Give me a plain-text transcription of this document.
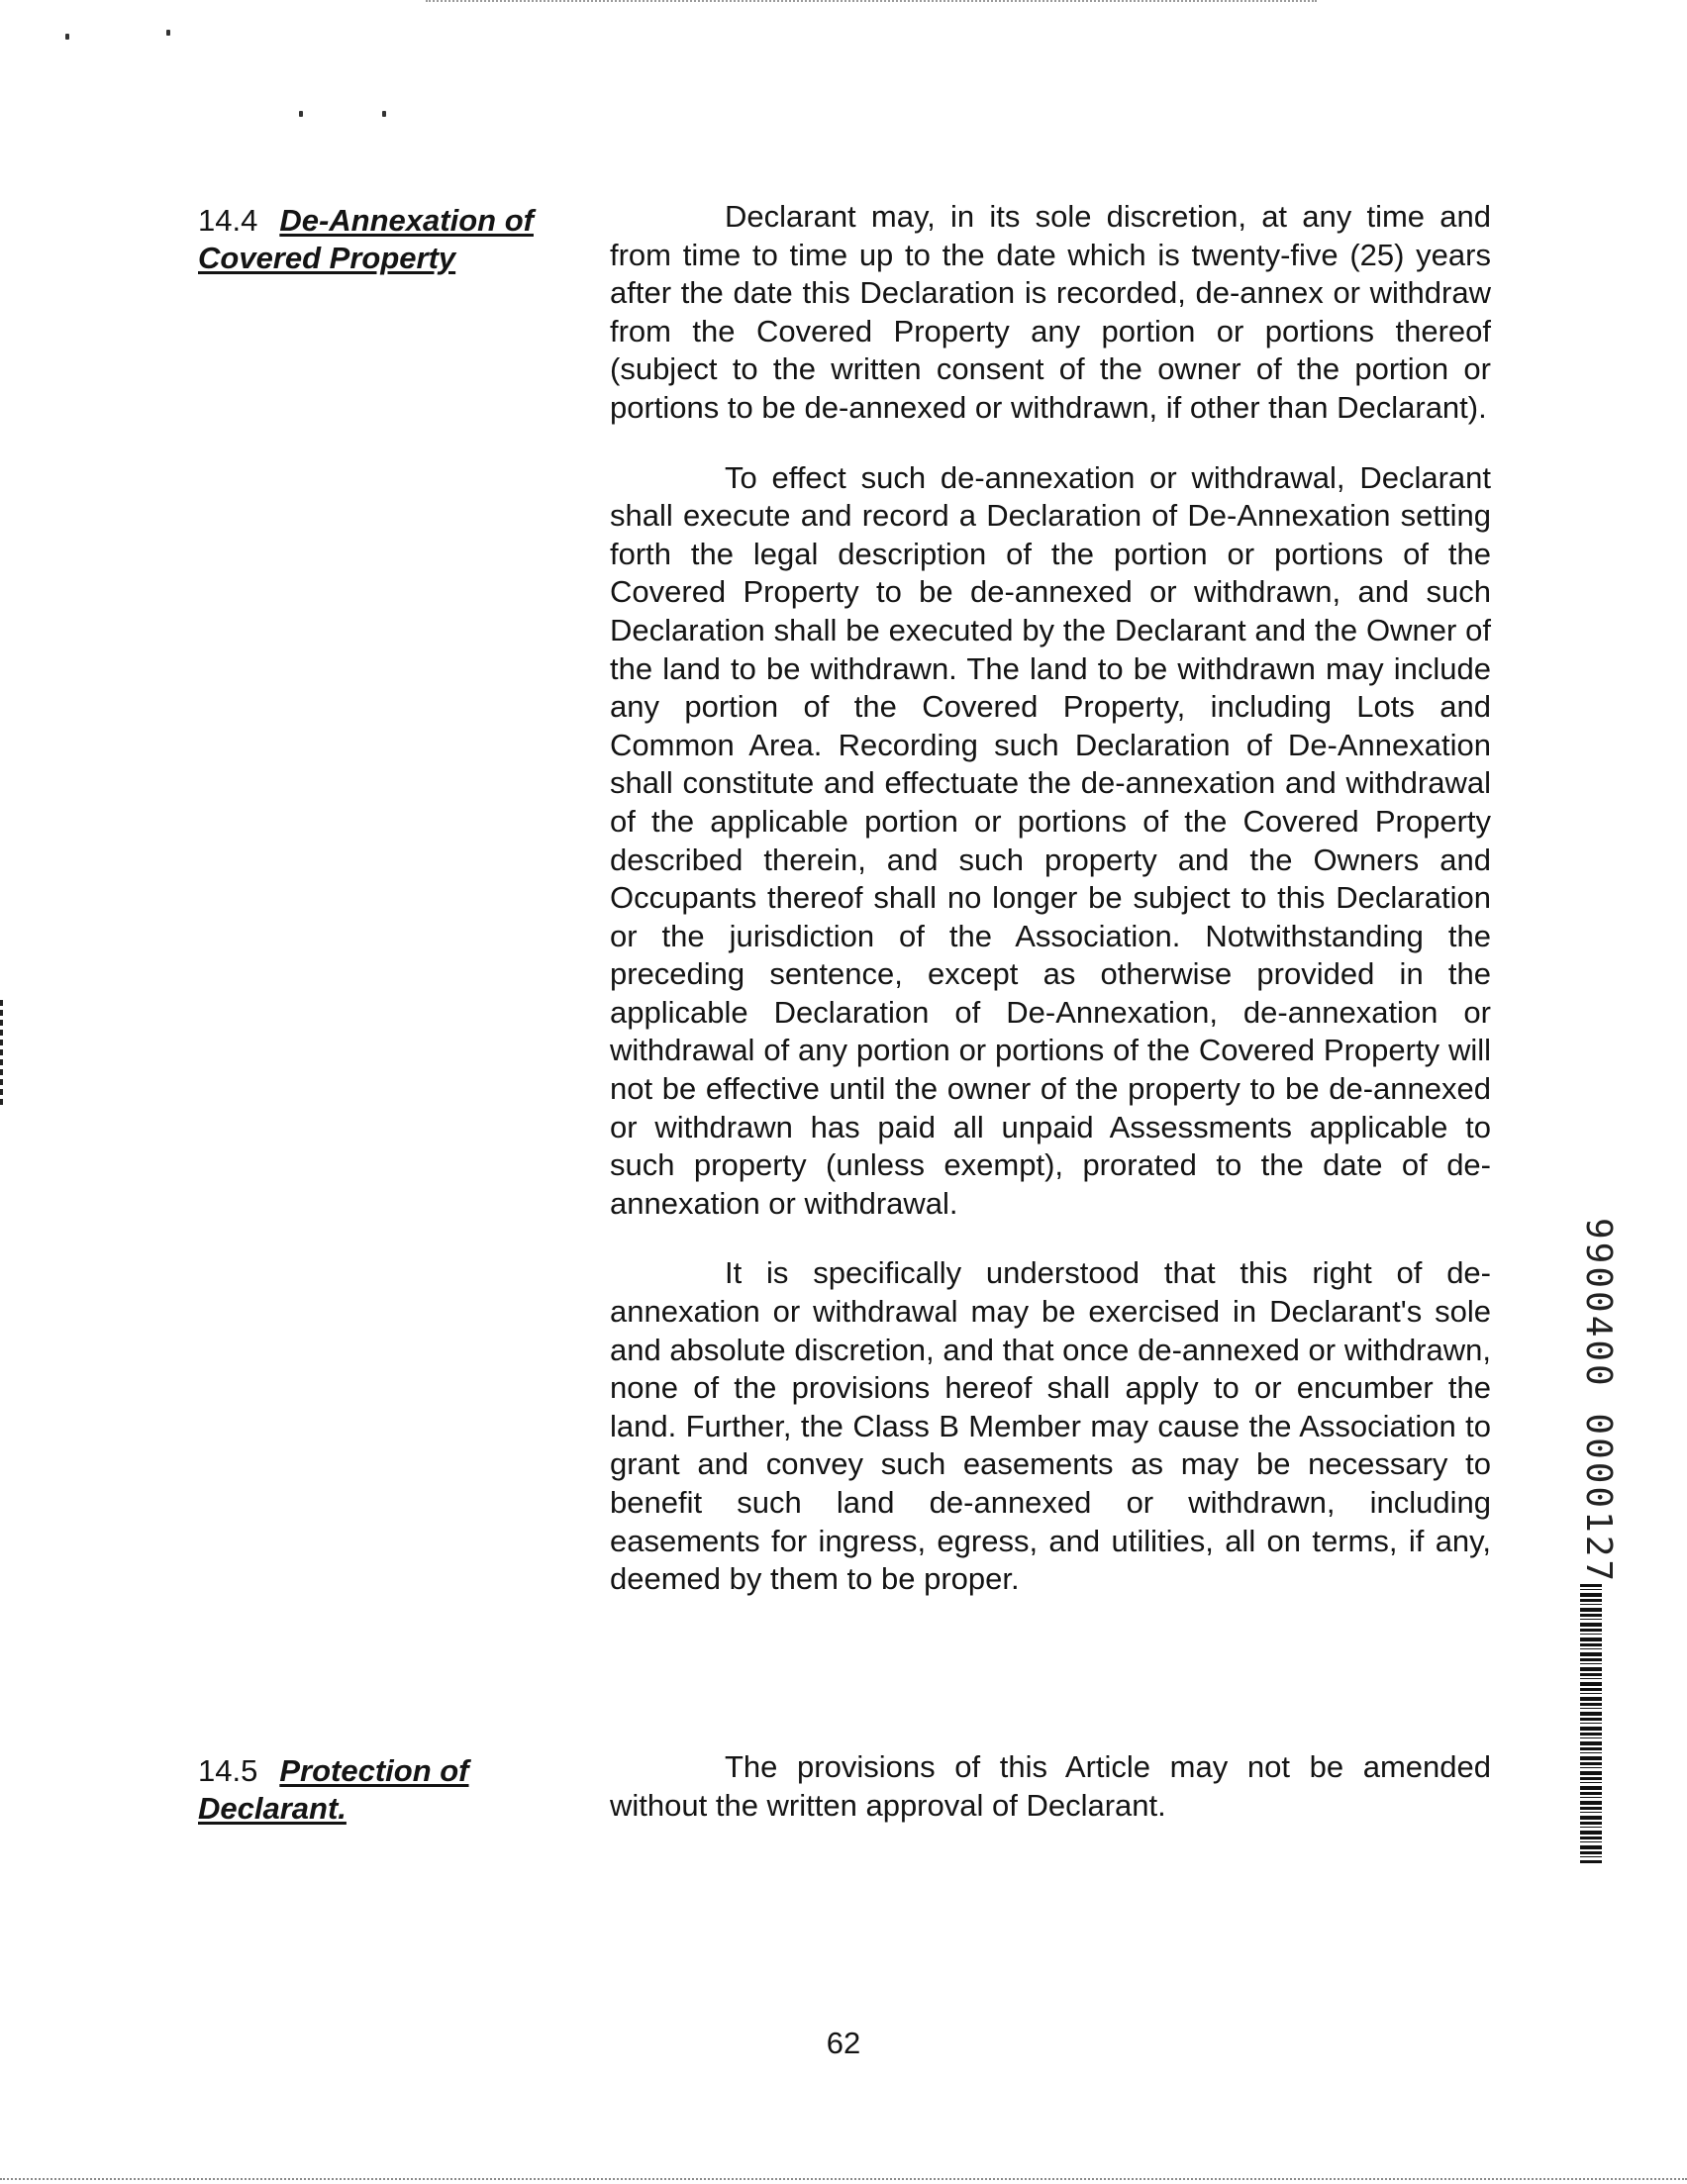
14.4 De-Annexation of
Covered Property

Declarant may, in its sole discretion, at any time and from time to time up to the date which is twenty-five (25) years after the date this Declaration is recorded, de-annex or withdraw from the Covered Property any portion or portions thereof (subject to the written consent of the owner of the portion or portions to be de-annexed or withdrawn, if other than Declarant).

To effect such de-annexation or withdrawal, Declarant shall execute and record a Declaration of De-Annexation setting forth the legal description of the portion or portions of the Covered Property to be de-annexed or withdrawn, and such Declaration shall be executed by the Declarant and the Owner of the land to be withdrawn. The land to be withdrawn may include any portion of the Covered Property, including Lots and Common Area. Recording such Declaration of De-Annexation shall constitute and effectuate the de-annexation and withdrawal of the applicable portion or portions of the Covered Property described therein, and such property and the Owners and Occupants thereof shall no longer be subject to this Declaration or the jurisdiction of the Association. Notwithstanding the preceding sentence, except as otherwise provided in the applicable Declaration of De-Annexation, de-annexation or withdrawal of any portion or portions of the Covered Property will not be effective until the owner of the property to be de-annexed or withdrawn has paid all unpaid Assessments applicable to such property (unless exempt), prorated to the date of de-annexation or withdrawal.

It is specifically understood that this right of de-annexation or withdrawal may be exercised in Declarant's sole and absolute discretion, and that once de-annexed or withdrawn, none of the provisions hereof shall apply to or encumber the land. Further, the Class B Member may cause the Association to grant and convey such easements as may be necessary to benefit such land de-annexed or withdrawn, including easements for ingress, egress, and utilities, all on terms, if any, deemed by them to be proper.

14.5 Protection of
Declarant.

The provisions of this Article may not be amended without the written approval of Declarant.

62
9900400 0000127
